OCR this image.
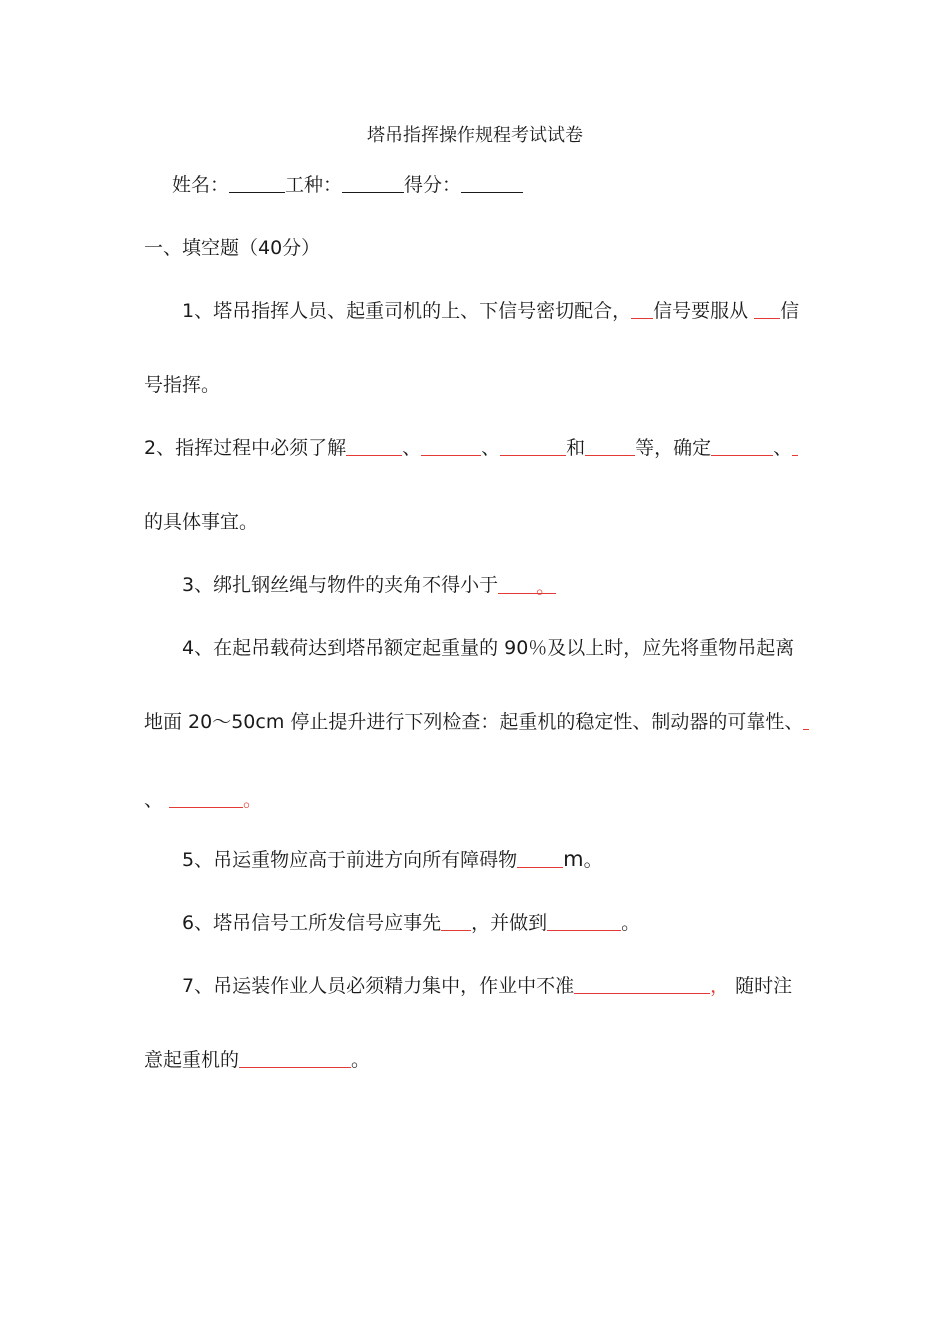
塔吊指挥操作规程考试试卷
姓名：	工种：	得分：
一、填空题（40分）
1、塔吊指挥人员、起重司机的上、下信号密切配合， 信号要服从 信
号指挥。
2、指挥过程中必须了解	、	、	和	等，确定	、
的具体事宜。
3、绑扎钢丝绳与物件的夹角不得小于 。
4、在起吊载荷达到塔吊额定起重量的 90％及以上时，应先将重物吊起离
地面 20～50cm 停止提升进行下列检查：起重机的稳定性、制动器的可靠性、
、	。
5、吊运重物应高于前进方向所有障碍物 m。
6、塔吊信号工所发信号应事先 ，并做到	。
7、吊运装作业人员必须精力集中，作业中不准	， 随时注
意起重机的	。
